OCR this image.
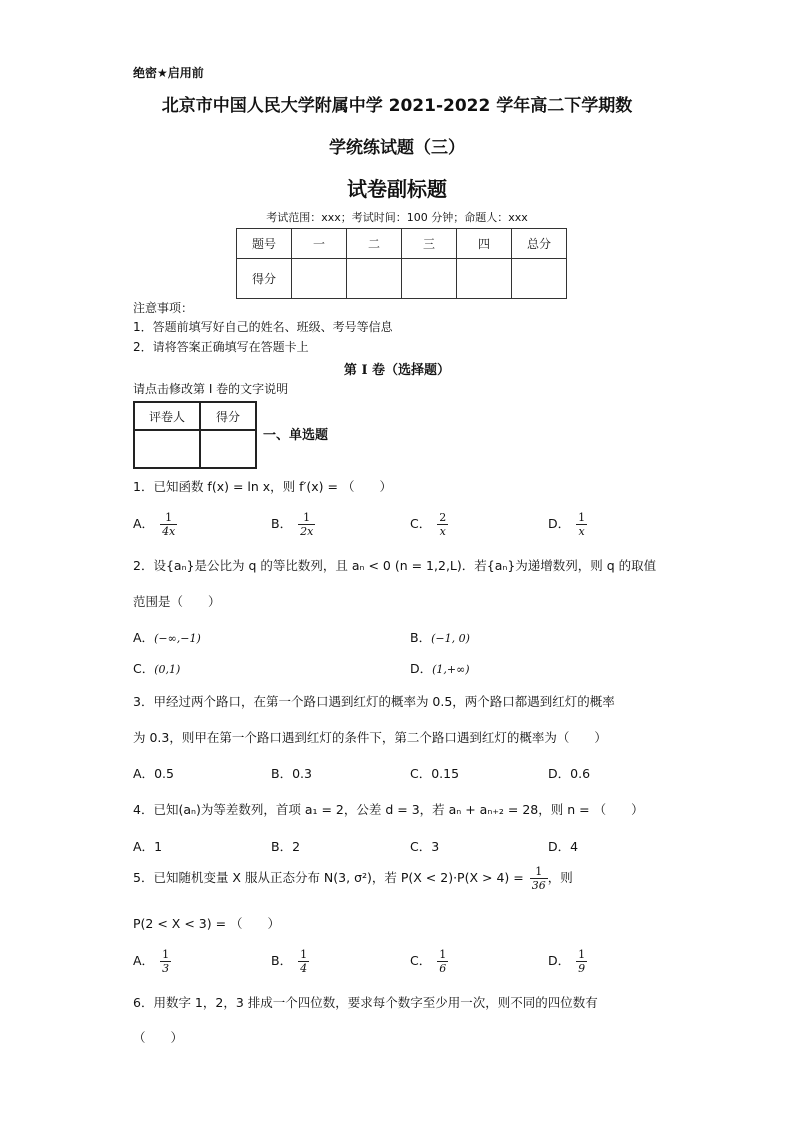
绝密★启用前
北京市中国人民大学附属中学 2021-2022 学年高二下学期数
学统练试题（三）
试卷副标题
考试范围：xxx；考试时间：100 分钟；命题人：xxx
题号	一	二	三	四	总分
得分					
注意事项：
1．答题前填写好自己的姓名、班级、考号等信息
2．请将答案正确填写在答题卡上
第 I 卷（选择题）
请点击修改第 I 卷的文字说明
评卷人	得分

一、单选题
1．已知函数 f(x) = ln x，则 f′(x) = （　　）
A． $\frac{1}{4x}$	B． $\frac{1}{2x}$	C． $\frac{2}{x}$	D． $\frac{1}{x}$
2．设{aₙ}是公比为 q 的等比数列，且 aₙ < 0 (n = 1,2,L)．若{aₙ}为递增数列，则 q 的取值
范围是（　　）
A．(−∞,−1)	B．(−1, 0)
C．(0,1)	D．(1,+∞)
3．甲经过两个路口，在第一个路口遇到红灯的概率为 0.5，两个路口都遇到红灯的概率
为 0.3，则甲在第一个路口遇到红灯的条件下，第二个路口遇到红灯的概率为（　　）
A．0.5	B．0.3	C．0.15	D．0.6
4．已知(aₙ)为等差数列，首项 a₁ = 2，公差 d = 3，若 aₙ + aₙ₊₂ = 28，则 n = （　　）
A．1	B．2	C．3	D．4
5．已知随机变量 X 服从正态分布 N(3, σ²)，若 $P(X < 2)\cdot P(X > 4) = \frac{1}{36}$ ，则
P(2 < X < 3) = （　　）
A． $\frac{1}{3}$	B． $\frac{1}{4}$	C． $\frac{1}{6}$	D． $\frac{1}{9}$
6．用数字 1，2，3 排成一个四位数，要求每个数字至少用一次，则不同的四位数有
（　　）
